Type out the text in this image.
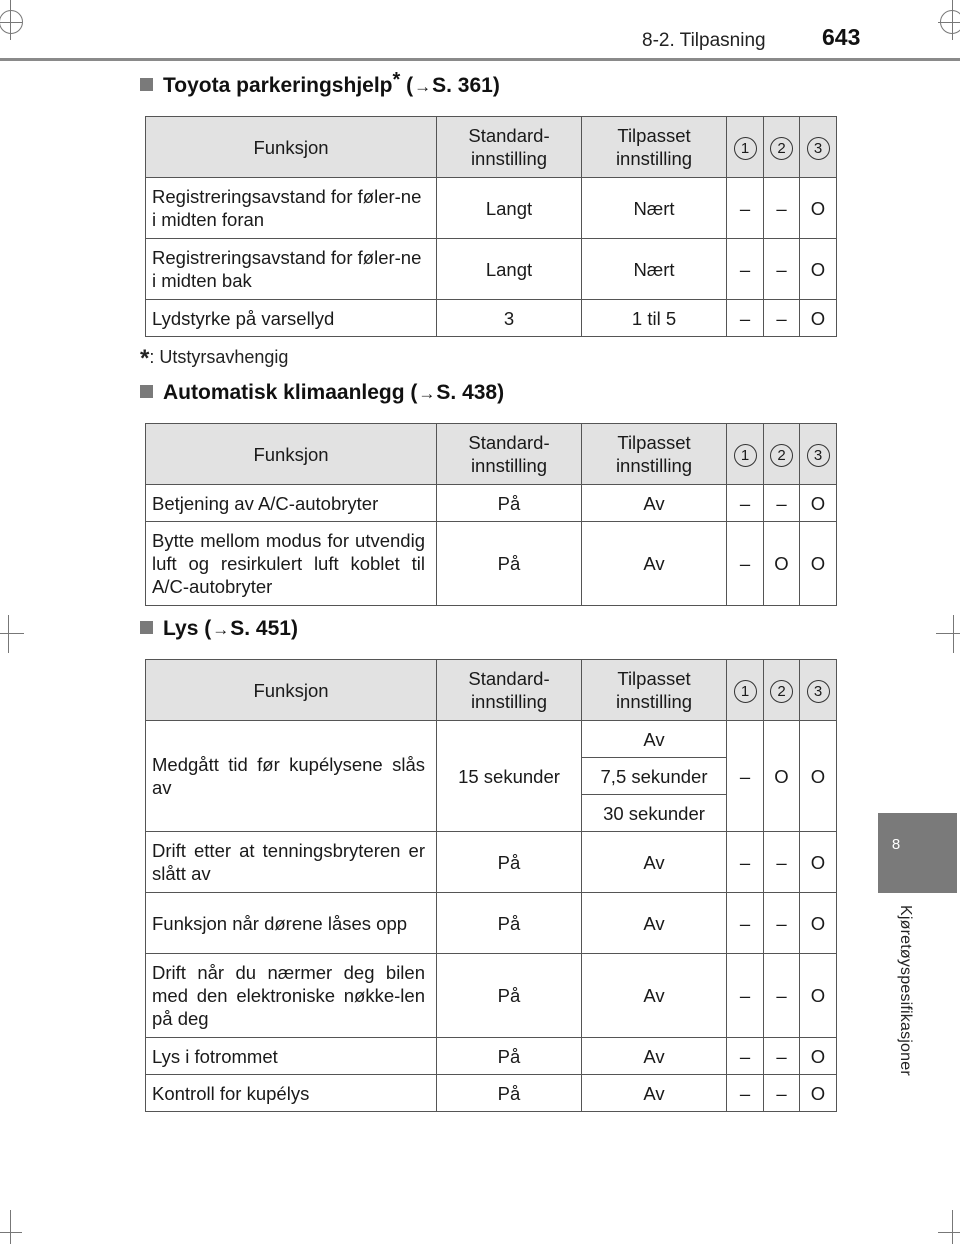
8-2. Tilpasning 643
8
Kjøretøyspesifikasjoner
Toyota parkeringshjelp* (→S. 361)
Funksjon	Standard-innstilling	Tilpasset innstilling	1	2	3
Registreringsavstand for føler-ne i midten foran	Langt	Nært	–	–	O
Registreringsavstand for føler-ne i midten bak	Langt	Nært	–	–	O
Lydstyrke på varsellyd	3	1 til 5	–	–	O
*: Utstyrsavhengig
Automatisk klimaanlegg (→S. 438)
Funksjon	Standard-innstilling	Tilpasset innstilling	1	2	3
Betjening av A/C-autobryter	På	Av	–	–	O
Bytte mellom modus for utvendig luft og resirkulert luft koblet til A/C-autobryter	På	Av	–	O	O
Lys (→S. 451)
Funksjon	Standard-innstilling	Tilpasset innstilling	1	2	3
Medgått tid før kupélysene slås av	15 sekunder	Av	–	O	O
		7,5 sekunder			
		30 sekunder			
Drift etter at tenningsbryteren er slått av	På	Av	–	–	O
Funksjon når dørene låses opp	På	Av	–	–	O
Drift når du nærmer deg bilen med den elektroniske nøkke-len på deg	På	Av	–	–	O
Lys i fotrommet	På	Av	–	–	O
Kontroll for kupélys	På	Av	–	–	O
